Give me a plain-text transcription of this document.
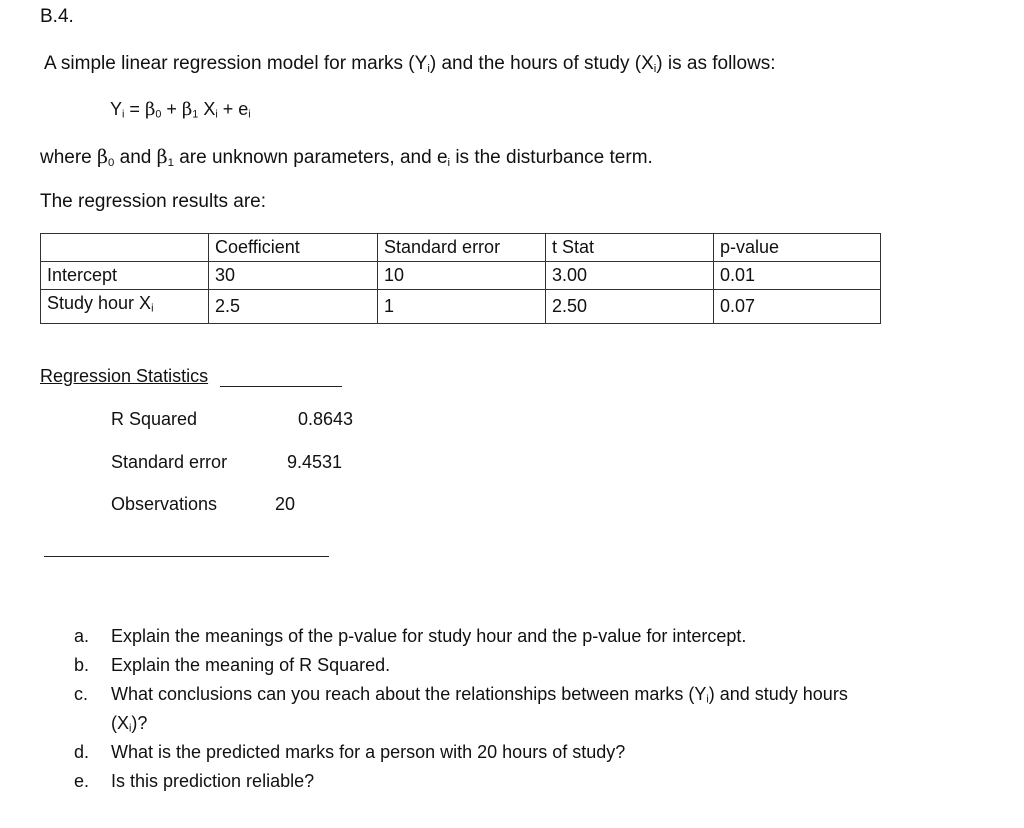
B.4.
A simple linear regression model for marks $(Y_i)$ and the hours of study $(X_i)$ is as follows:
$Y_i = \beta_0 + \beta_1$ $X_i + e_i$
where $\beta_0$ and $\beta_1$ are unknown parameters, and $e_i$ is the disturbance term.
The regression results are:
	Coefficient	Standard error	t Stat	p-value
Intercept	30	10	3.00	0.01
Study hour $X_i$	2.5	1	2.50	0.07
Regression Statistics
R Squared	0.8643
Standard error	9.4531
Observations	20
a. Explain the meanings of the p-value for study hour and the p-value for intercept.
b. Explain the meaning of R Squared.
c. What conclusions can you reach about the relationships between marks $(Y_i)$ and study hours
$(X_i)$?
d. What is the predicted marks for a person with 20 hours of study?
e. Is this prediction reliable?
